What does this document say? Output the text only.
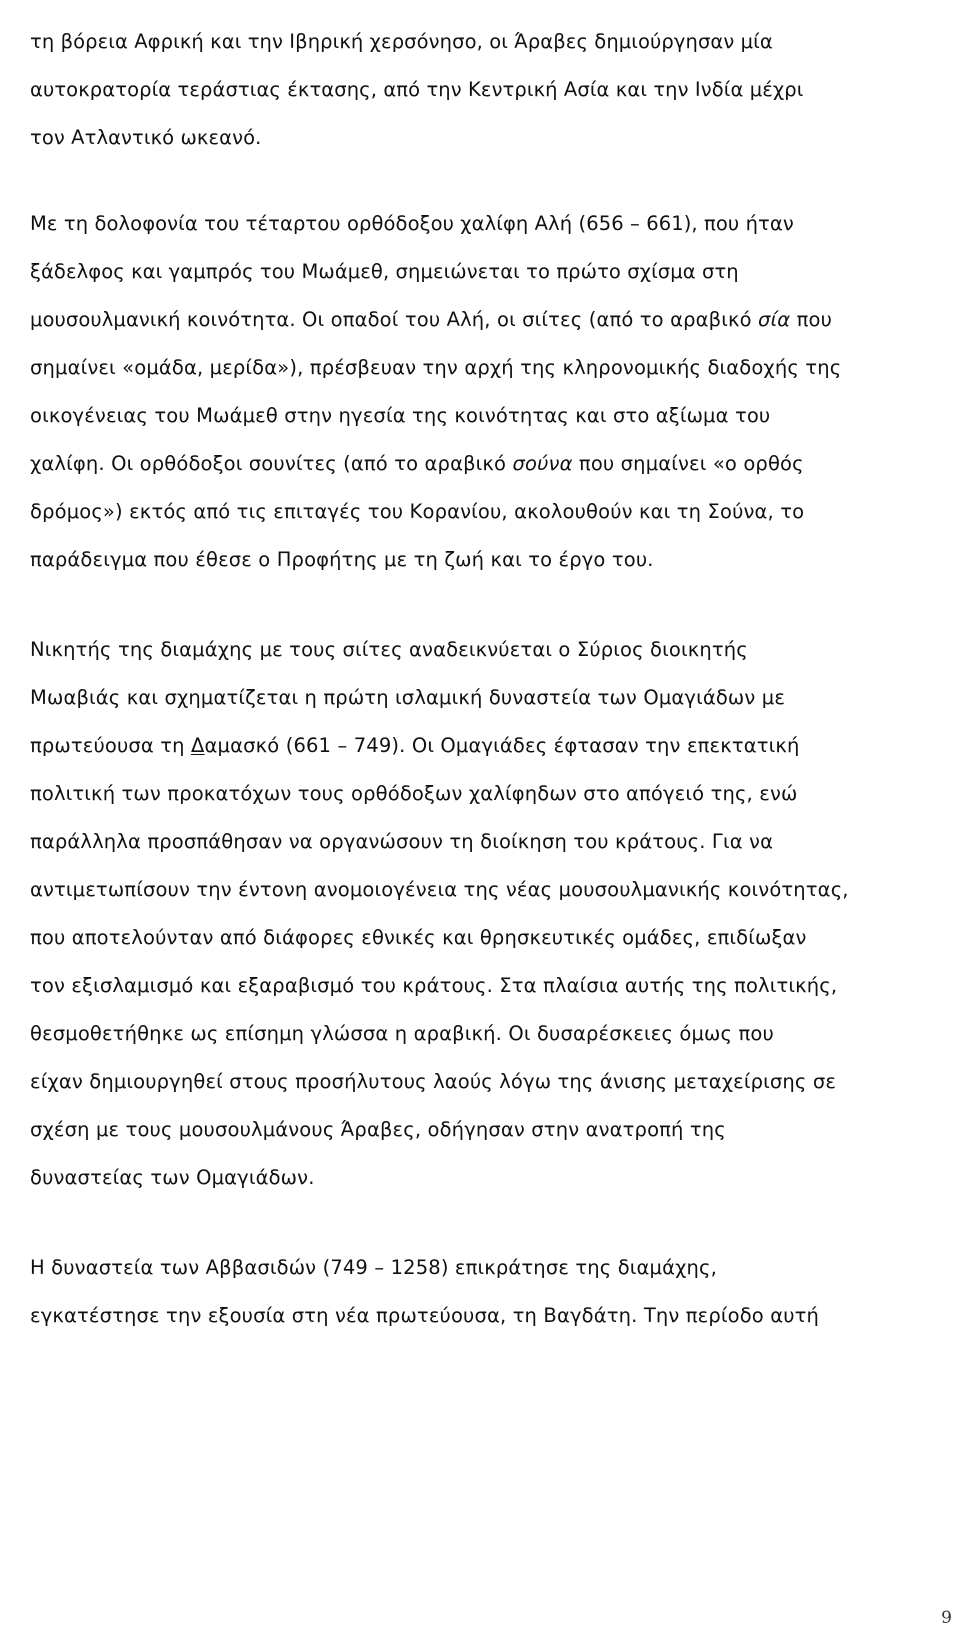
τη βόρεια Αφρική και την Ιβηρική χερσόνησο, οι Άραβες δημιούργησαν μία
αυτοκρατορία τεράστιας έκτασης, από την Κεντρική Ασία και την Ινδία μέχρι
τον Ατλαντικό ωκεανό.
Με τη δολοφονία του τέταρτου ορθόδοξου χαλίφη Αλή (656 – 661), που ήταν
ξάδελφος και γαμπρός του Μωάμεθ, σημειώνεται το πρώτο σχίσμα στη
μουσουλμανική κοινότητα. Οι οπαδοί του Αλή, οι σιίτες (από το αραβικό σία που
σημαίνει «ομάδα, μερίδα»), πρέσβευαν την αρχή της κληρονομικής διαδοχής της
οικογένειας του Μωάμεθ στην ηγεσία της κοινότητας και στο αξίωμα του
χαλίφη. Οι ορθόδοξοι σουνίτες (από το αραβικό σούνα που σημαίνει «ο ορθός
δρόμος») εκτός από τις επιταγές του Κορανίου, ακολουθούν και τη Σούνα, το
παράδειγμα που έθεσε ο Προφήτης με τη ζωή και το έργο του.
Νικητής της διαμάχης με τους σιίτες αναδεικνύεται ο Σύριος διοικητής
Μωαβιάς και σχηματίζεται η πρώτη ισλαμική δυναστεία των Ομαγιάδων με
πρωτεύουσα τη Δαμασκό (661 – 749). Οι Ομαγιάδες έφτασαν την επεκτατική
πολιτική των προκατόχων τους ορθόδοξων χαλίφηδων στο απόγειό της, ενώ
παράλληλα προσπάθησαν να οργανώσουν τη διοίκηση του κράτους. Για να
αντιμετωπίσουν την έντονη ανομοιογένεια της νέας μουσουλμανικής κοινότητας,
που αποτελούνταν από διάφορες εθνικές και θρησκευτικές ομάδες, επιδίωξαν
τον εξισλαμισμό και εξαραβισμό του κράτους. Στα πλαίσια αυτής της πολιτικής,
θεσμοθετήθηκε ως επίσημη γλώσσα η αραβική. Οι δυσαρέσκειες όμως που
είχαν δημιουργηθεί στους προσήλυτους λαούς λόγω της άνισης μεταχείρισης σε
σχέση με τους μουσουλμάνους Άραβες, οδήγησαν στην ανατροπή της
δυναστείας των Ομαγιάδων.
Η δυναστεία των Αββασιδών (749 – 1258) επικράτησε της διαμάχης,
εγκατέστησε την εξουσία στη νέα πρωτεύουσα, τη Βαγδάτη. Την περίοδο αυτή
9
